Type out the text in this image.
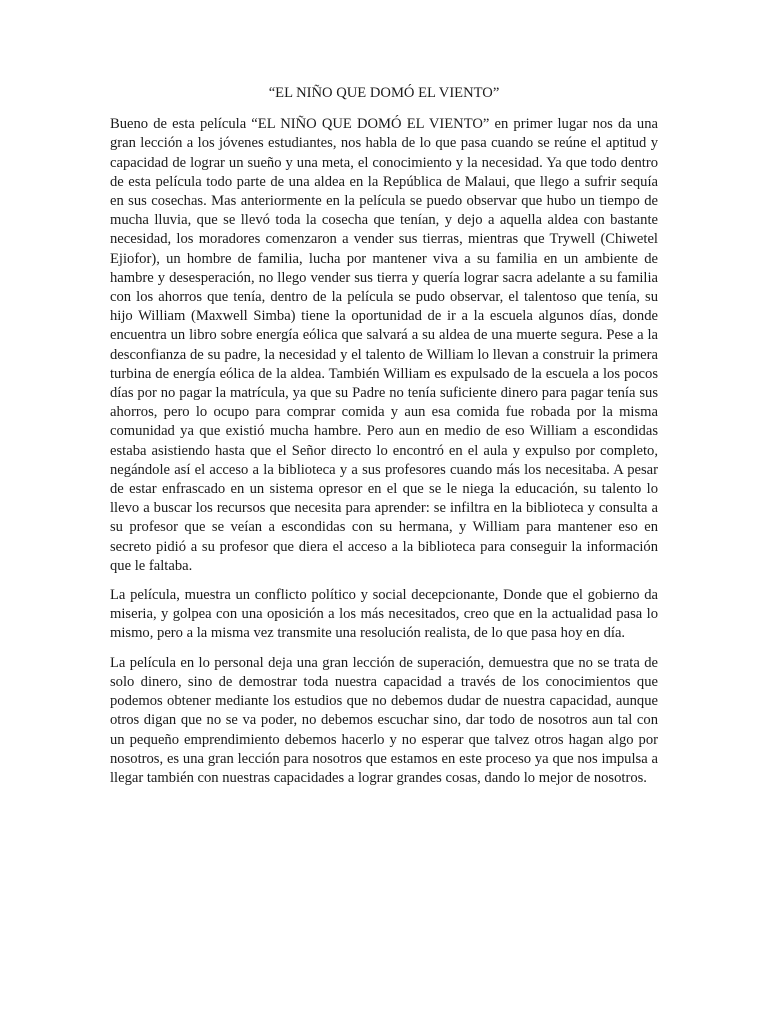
“EL NIÑO QUE DOMÓ EL VIENTO”

Bueno de esta película “EL NIÑO QUE DOMÓ EL VIENTO” en primer lugar nos da una gran lección a los jóvenes estudiantes, nos habla de lo que pasa cuando se reúne el aptitud y capacidad de lograr un sueño y una meta, el conocimiento y la necesidad. Ya que todo dentro de esta película todo parte de una aldea en la República de Malaui, que llego a sufrir sequía en sus cosechas. Mas anteriormente en la película se puedo observar que hubo un tiempo de mucha lluvia, que se llevó toda la cosecha que tenían, y dejo a aquella aldea con bastante necesidad, los moradores comenzaron a vender sus tierras, mientras que Trywell (Chiwetel Ejiofor), un hombre de familia, lucha por mantener viva a su familia en un ambiente de hambre y desesperación, no llego vender sus tierra y quería lograr sacra adelante a su familia con los ahorros que tenía, dentro de la película se pudo observar, el talentoso que tenía, su hijo William (Maxwell Simba) tiene la oportunidad de ir a la escuela algunos días, donde encuentra un libro sobre energía eólica que salvará a su aldea de una muerte segura. Pese a la desconfianza de su padre, la necesidad y el talento de William lo llevan a construir la primera turbina de energía eólica de la aldea. También William es expulsado de la escuela a los pocos días por no pagar la matrícula, ya que su Padre no tenía suficiente dinero para pagar tenía sus ahorros, pero lo ocupo para comprar comida y aun esa comida fue robada por la misma comunidad ya que existió mucha hambre. Pero aun en medio de eso William a escondidas estaba asistiendo hasta que el Señor directo lo encontró en el aula y expulso por completo, negándole así el acceso a la biblioteca y a sus profesores cuando más los necesitaba. A pesar de estar enfrascado en un sistema opresor en el que se le niega la educación, su talento lo llevo a buscar los recursos que necesita para aprender: se infiltra en la biblioteca y consulta a su profesor que se veían a escondidas con su hermana, y William para mantener eso en secreto pidió a su profesor que diera el acceso a la biblioteca para conseguir la información que le faltaba.

La película, muestra un conflicto político y social decepcionante, Donde que el gobierno da miseria, y golpea con una oposición a los más necesitados, creo que en la actualidad pasa lo mismo, pero a la misma vez transmite una resolución realista, de lo que pasa hoy en día.

La película en lo personal deja una gran lección de superación, demuestra que no se trata de solo dinero, sino de demostrar toda nuestra capacidad a través de los conocimientos que podemos obtener mediante los estudios que no debemos dudar de nuestra capacidad, aunque otros digan que no se va poder, no debemos escuchar sino, dar todo de nosotros aun tal con un pequeño emprendimiento debemos hacerlo y no esperar que talvez otros hagan algo por nosotros, es una gran lección para nosotros que estamos en este proceso ya que nos impulsa a llegar también con nuestras capacidades a lograr grandes cosas, dando lo mejor de nosotros.
